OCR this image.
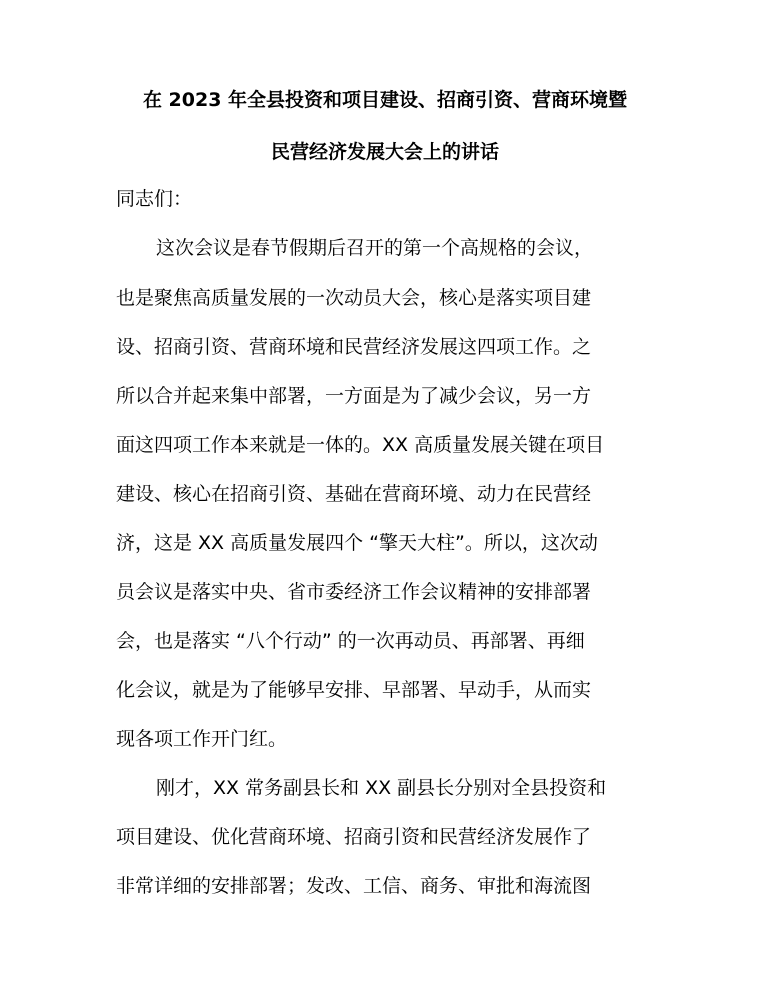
在 2023 年全县投资和项目建设、招商引资、营商环境暨
民营经济发展大会上的讲话
同志们：
这次会议是春节假期后召开的第一个高规格的会议，
也是聚焦高质量发展的一次动员大会，核心是落实项目建
设、招商引资、营商环境和民营经济发展这四项工作。之
所以合并起来集中部署，一方面是为了减少会议，另一方
面这四项工作本来就是一体的。XX 高质量发展关键在项目
建设、核心在招商引资、基础在营商环境、动力在民营经
济，这是 XX 高质量发展四个 “擎天大柱”。所以，这次动
员会议是落实中央、省市委经济工作会议精神的安排部署
会，也是落实 “八个行动” 的一次再动员、再部署、再细
化会议，就是为了能够早安排、早部署、早动手，从而实
现各项工作开门红。
刚才，XX 常务副县长和 XX 副县长分别对全县投资和
项目建设、优化营商环境、招商引资和民营经济发展作了
非常详细的安排部署；发改、工信、商务、审批和海流图
